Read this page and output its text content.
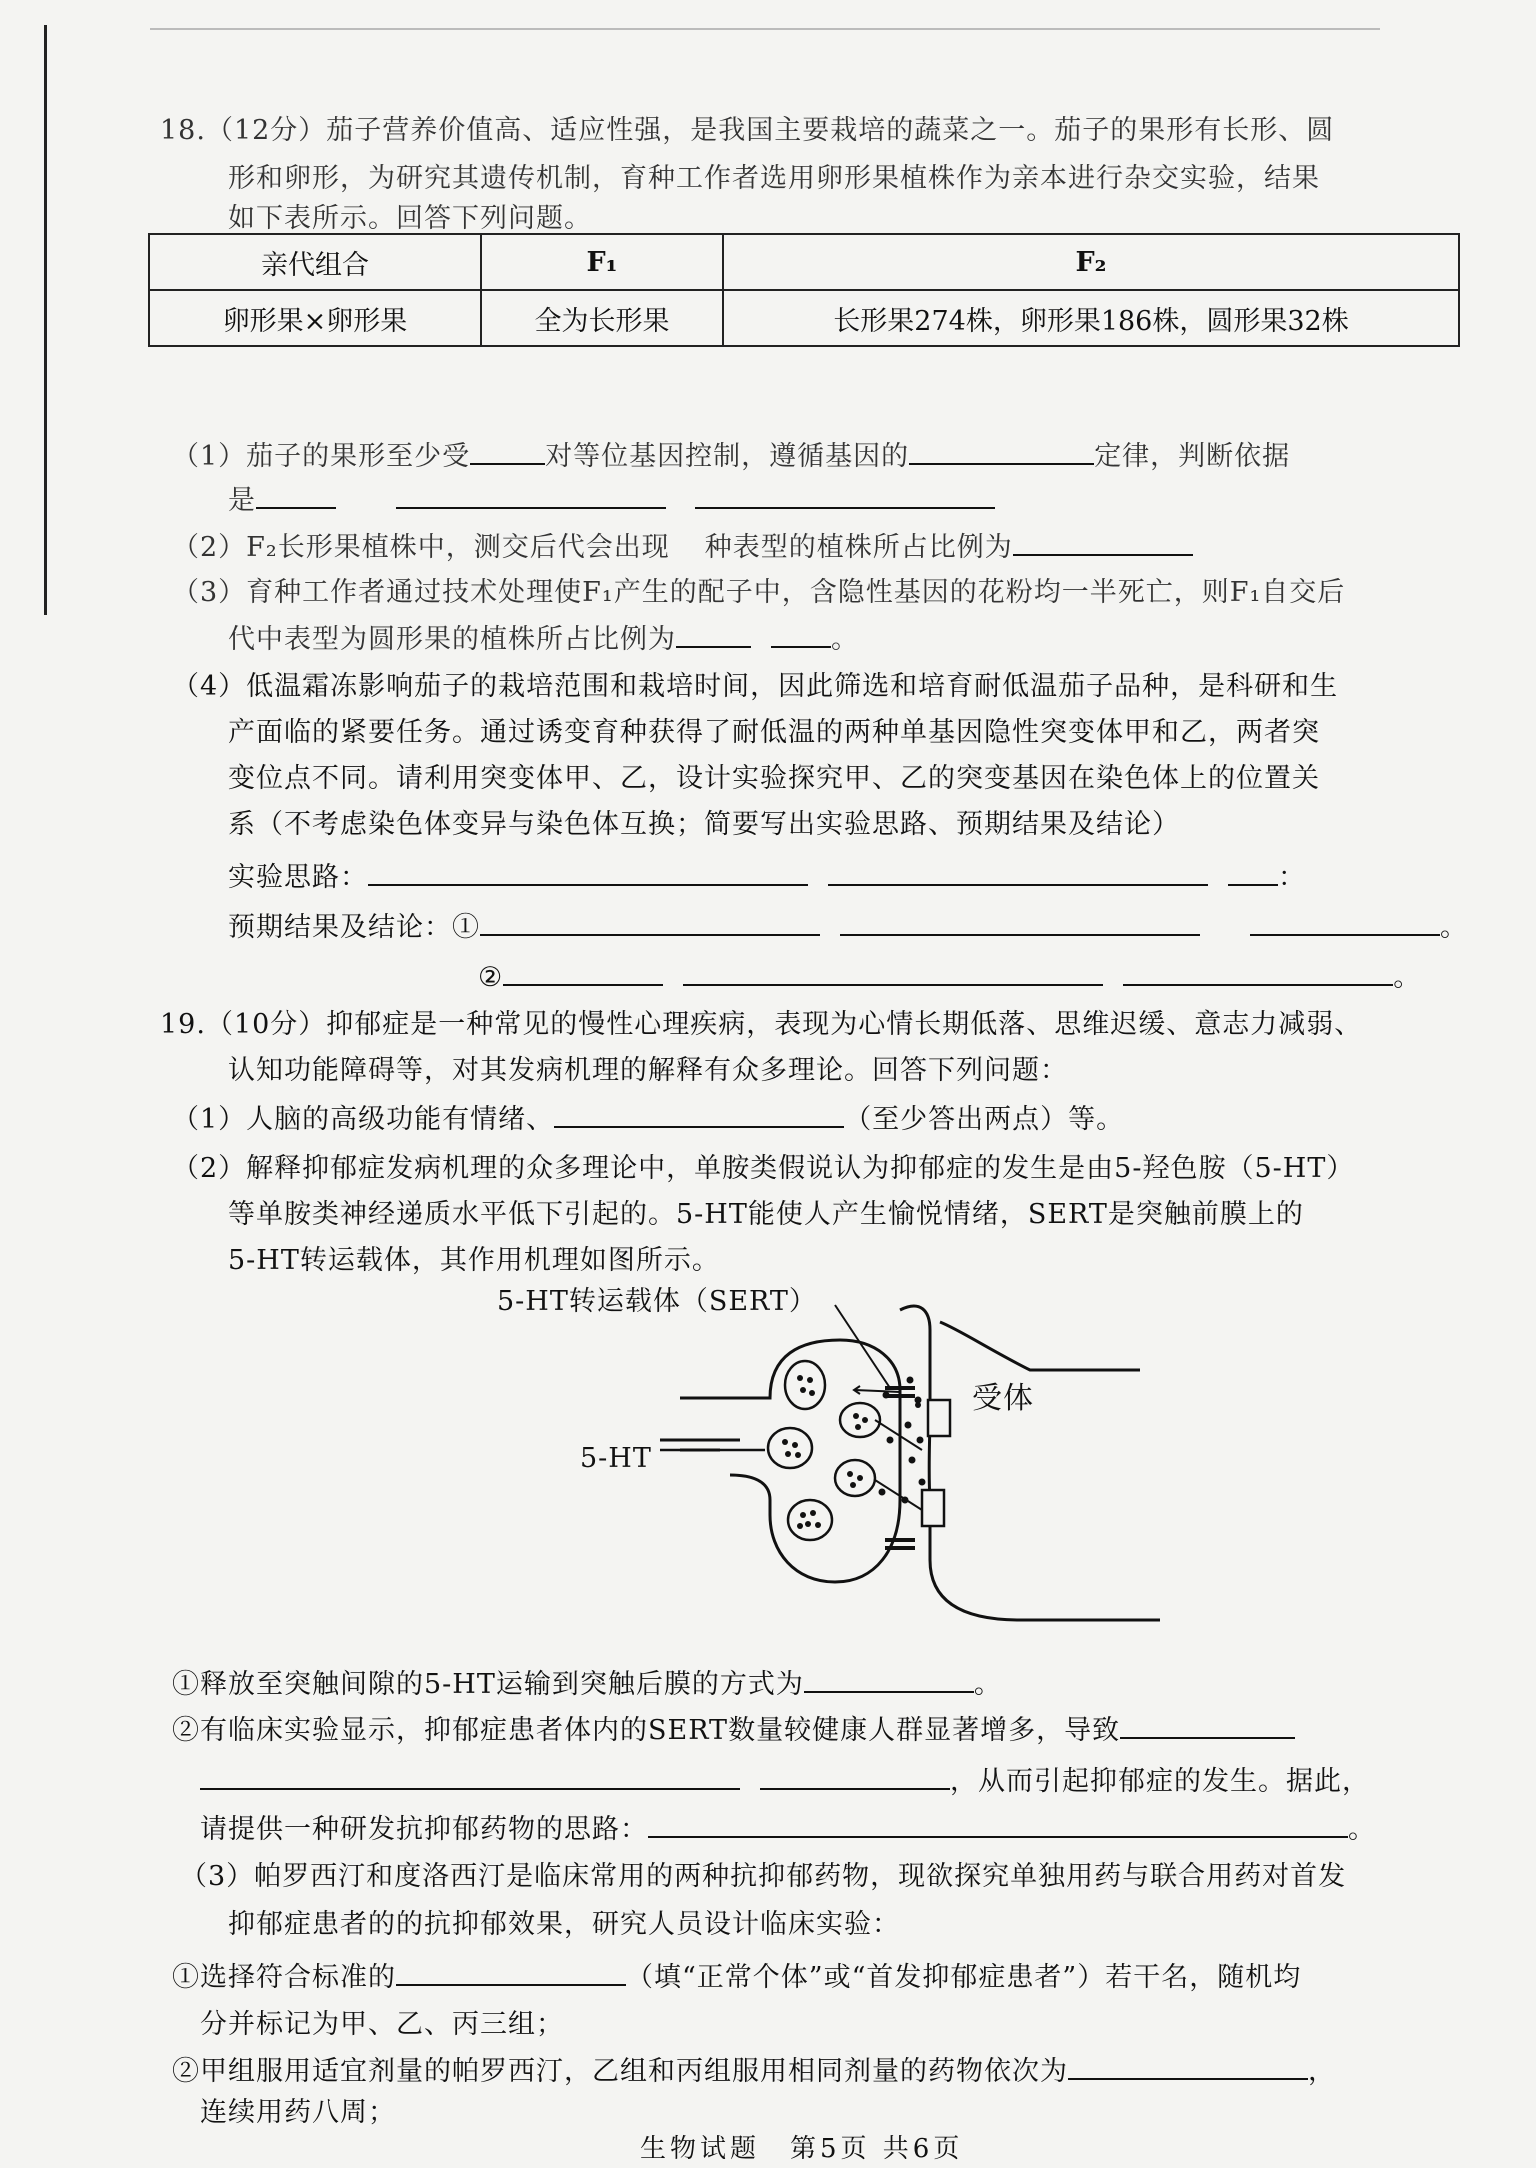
18.（12分）茄子营养价值高、适应性强，是我国主要栽培的蔬菜之一。茄子的果形有长形、圆
形和卵形，为研究其遗传机制，育种工作者选用卵形果植株作为亲本进行杂交实验，结果
如下表所示。回答下列问题。
亲代组合	F₁	F₂
卵形果×卵形果	全为长形果	长形果274株，卵形果186株，圆形果32株
（1）茄子的果形至少受	对等位基因控制，遵循基因的	定律，判断依据
是
（2）F₂长形果植株中，测交后代会出现 种表型的植株所占比例为
（3）育种工作者通过技术处理使F₁产生的配子中，含隐性基因的花粉均一半死亡，则F₁自交后
代中表型为圆形果的植株所占比例为	。
（4）低温霜冻影响茄子的栽培范围和栽培时间，因此筛选和培育耐低温茄子品种，是科研和生
产面临的紧要任务。通过诱变育种获得了耐低温的两种单基因隐性突变体甲和乙，两者突
变位点不同。请利用突变体甲、乙，设计实验探究甲、乙的突变基因在染色体上的位置关
系（不考虑染色体变异与染色体互换；简要写出实验思路、预期结果及结论）
实验思路：	：
预期结果及结论：①	。
②	。
19.（10分）抑郁症是一种常见的慢性心理疾病，表现为心情长期低落、思维迟缓、意志力减弱、
认知功能障碍等，对其发病机理的解释有众多理论。回答下列问题：
（1）人脑的高级功能有情绪、	（至少答出两点）等。
（2）解释抑郁症发病机理的众多理论中，单胺类假说认为抑郁症的发生是由5-羟色胺（5-HT）
等单胺类神经递质水平低下引起的。5-HT能使人产生愉悦情绪，SERT是突触前膜上的
5-HT转运载体，其作用机理如图所示。
5-HT转运载体（SERT）
受体
5-HT
①释放至突触间隙的5-HT运输到突触后膜的方式为	。
②有临床实验显示，抑郁症患者体内的SERT数量较健康人群显著增多，导致
，从而引起抑郁症的发生。据此，
请提供一种研发抗抑郁药物的思路：	。
（3）帕罗西汀和度洛西汀是临床常用的两种抗抑郁药物，现欲探究单独用药与联合用药对首发
抑郁症患者的的抗抑郁效果，研究人员设计临床实验：
①选择符合标准的	（填“正常个体”或“首发抑郁症患者”）若干名，随机均
分并标记为甲、乙、丙三组；
②甲组服用适宜剂量的帕罗西汀，乙组和丙组服用相同剂量的药物依次为	，
连续用药八周；
生物试题　第5页 共6页
